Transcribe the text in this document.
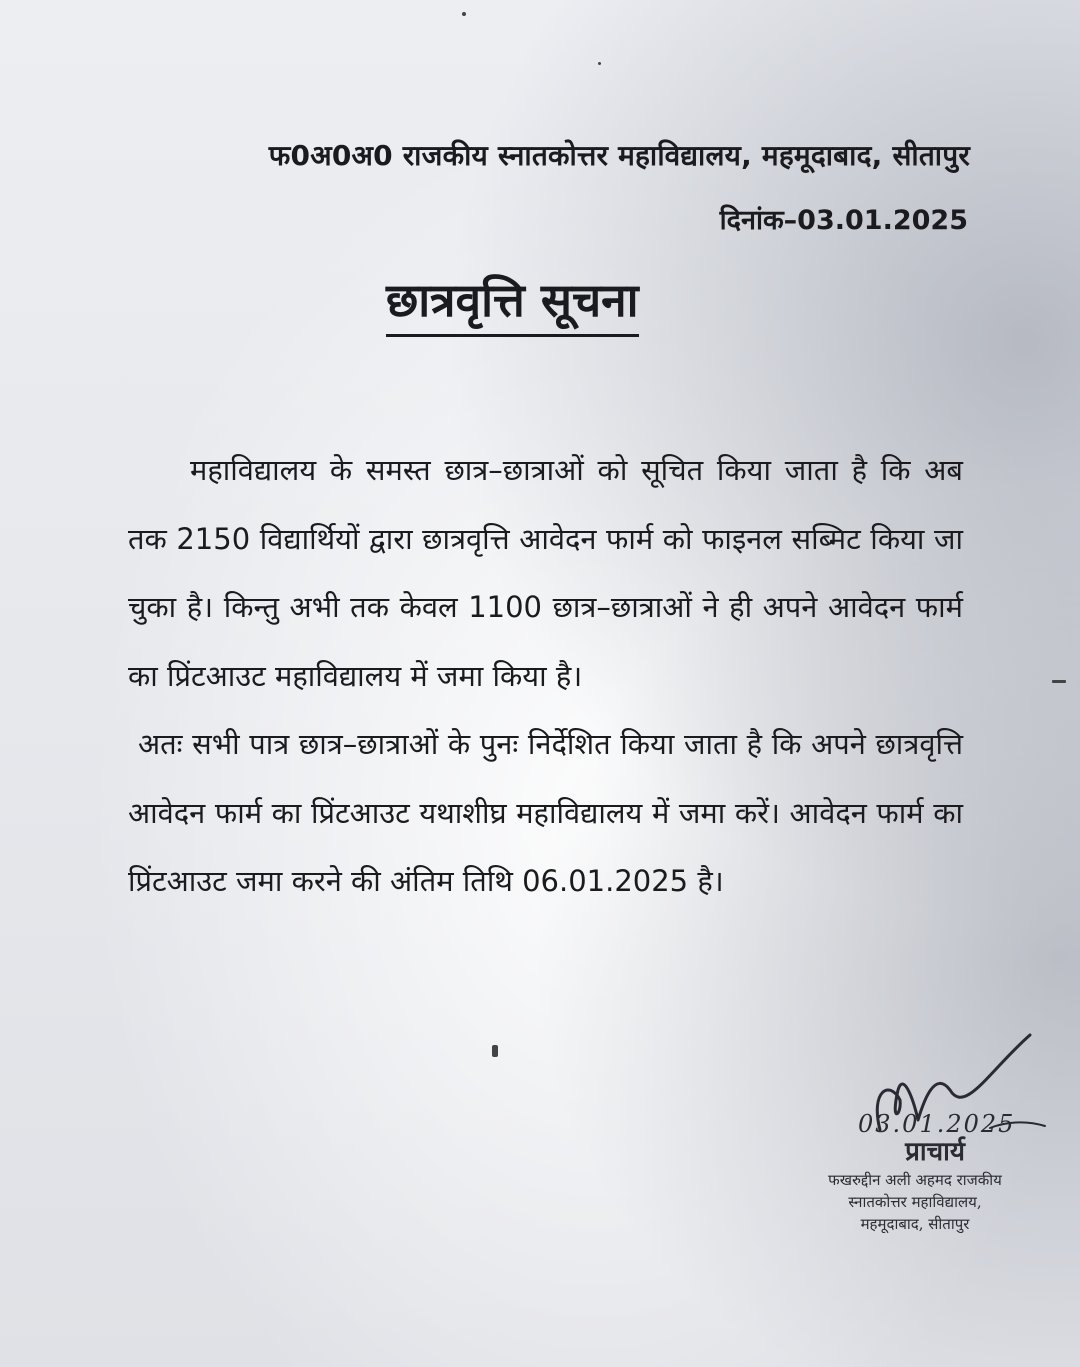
फ0अ0अ0 राजकीय स्नातकोत्तर महाविद्यालय, महमूदाबाद, सीतापुर
दिनांक–03.01.2025
छात्रवृत्ति सूचना

महाविद्यालय के समस्त छात्र–छात्राओं को सूचित किया जाता है कि अब तक 2150 विद्यार्थियों द्वारा छात्रवृत्ति आवेदन फार्म को फाइनल सब्मिट किया जा चुका है। किन्तु अभी तक केवल 1100 छात्र–छात्राओं ने ही अपने आवेदन फार्म का प्रिंटआउट महाविद्यालय में जमा किया है।

अतः सभी पात्र छात्र–छात्राओं के पुनः निर्देशित किया जाता है कि अपने छात्रवृत्ति आवेदन फार्म का प्रिंटआउट यथाशीघ्र महाविद्यालय में जमा करें। आवेदन फार्म का प्रिंटआउट जमा करने की अंतिम तिथि 06.01.2025 है।

03.01.2025
प्राचार्य
फखरुद्दीन अली अहमद राजकीय
स्नातकोत्तर महाविद्यालय,
महमूदाबाद, सीतापुर
